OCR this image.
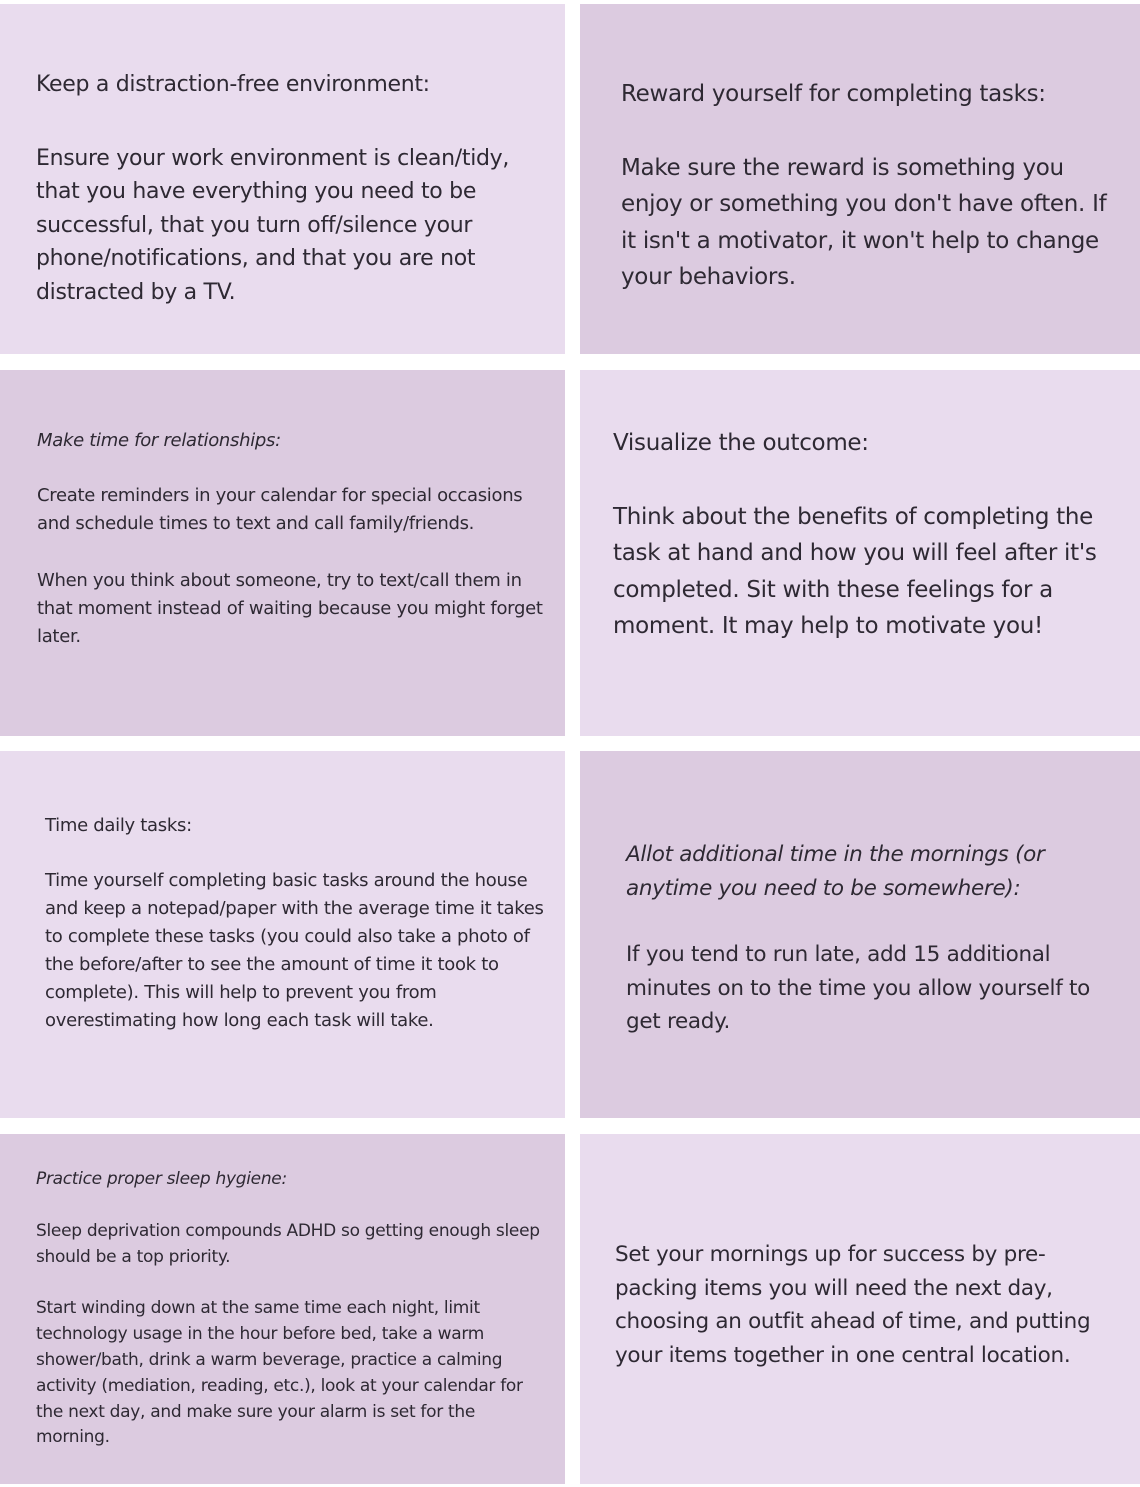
Keep a distraction-free environment:

Ensure your work environment is clean/tidy, that you have everything you need to be successful, that you turn off/silence your phone/notifications, and that you are not distracted by a TV.

Reward yourself for completing tasks:

Make sure the reward is something you enjoy or something you don't have often. If it isn't a motivator, it won't help to change your behaviors.

Make time for relationships:

Create reminders in your calendar for special occasions and schedule times to text and call family/friends.

When you think about someone, try to text/call them in that moment instead of waiting because you might forget later.

Visualize the outcome:

Think about the benefits of completing the task at hand and how you will feel after it's completed. Sit with these feelings for a moment. It may help to motivate you!

Time daily tasks:

Time yourself completing basic tasks around the house and keep a notepad/paper with the average time it takes to complete these tasks (you could also take a photo of the before/after to see the amount of time it took to complete). This will help to prevent you from overestimating how long each task will take.

Allot additional time in the mornings (or anytime you need to be somewhere):

If you tend to run late, add 15 additional minutes on to the time you allow yourself to get ready.

Practice proper sleep hygiene:

Sleep deprivation compounds ADHD so getting enough sleep should be a top priority.

Start winding down at the same time each night, limit technology usage in the hour before bed, take a warm shower/bath, drink a warm beverage, practice a calming activity (mediation, reading, etc.), look at your calendar for the next day, and make sure your alarm is set for the morning.

Set your mornings up for success by pre-packing items you will need the next day, choosing an outfit ahead of time, and putting your items together in one central location.
